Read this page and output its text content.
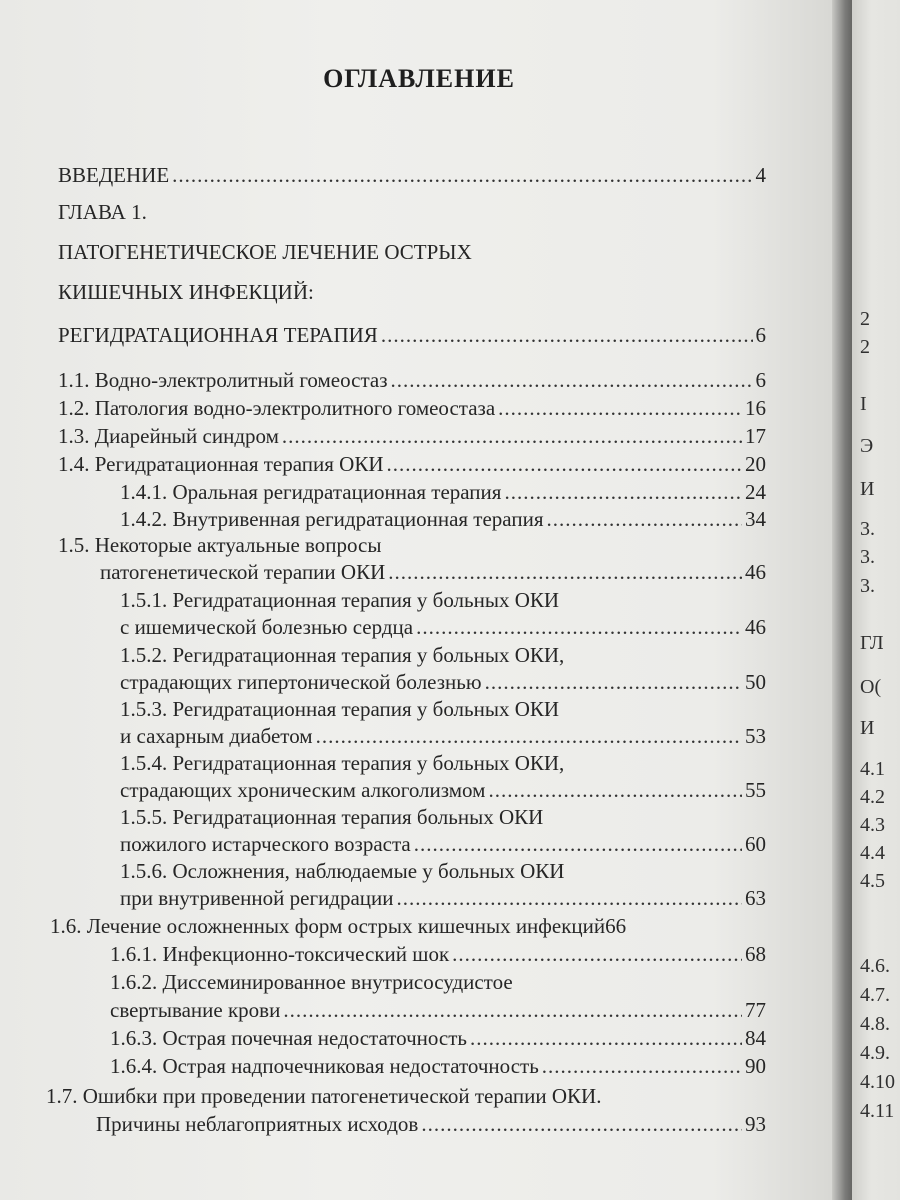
ОГЛАВЛЕНИЕ
ВВЕДЕНИЕ .....	4
ГЛАВА 1.
ПАТОГЕНЕТИЧЕСКОЕ ЛЕЧЕНИЕ ОСТРЫХ
КИШЕЧНЫХ ИНФЕКЦИЙ:
РЕГИДРАТАЦИОННАЯ ТЕРАПИЯ .....	6
1.1. Водно-электролитный гомеостаз .....	6
1.2. Патология водно-электролитного гомеостаза .....	16
1.3. Диарейный синдром .....	17
1.4. Регидратационная терапия ОКИ .....	20
1.4.1. Оральная регидратационная терапия .....	24
1.4.2. Внутривенная регидратационная терапия .....	34
1.5. Некоторые актуальные вопросы
патогенетической терапии ОКИ .....	46
1.5.1. Регидратационная терапия у больных ОКИ
с ишемической болезнью сердца .....	46
1.5.2. Регидратационная терапия у больных ОКИ,
страдающих гипертонической болезнью .....	50
1.5.3. Регидратационная терапия у больных ОКИ
и сахарным диабетом .....	53
1.5.4. Регидратационная терапия у больных ОКИ,
страдающих хроническим алкоголизмом .....	55
1.5.5. Регидратационная терапия больных ОКИ
пожилого истарческого возраста .....	60
1.5.6. Осложнения, наблюдаемые у больных ОКИ
при внутривенной регидрации .....	63
1.6. Лечение осложненных форм острых кишечных инфекций 66
1.6.1. Инфекционно-токсический шок .....	68
1.6.2. Диссеминированное внутрисосудистое
свертывание крови .....	77
1.6.3. Острая почечная недостаточность .....	84
1.6.4. Острая надпочечниковая недостаточность .....	90
1.7. Ошибки при проведении патогенетической терапии ОКИ.
Причины неблагоприятных исходов .....	93
2
2
I
Э
И
3.
3.
3.
ГЛ
О(
И
4.1
4.2
4.3
4.4
4.5
4.6.
4.7.
4.8.
4.9.
4.10
4.11
